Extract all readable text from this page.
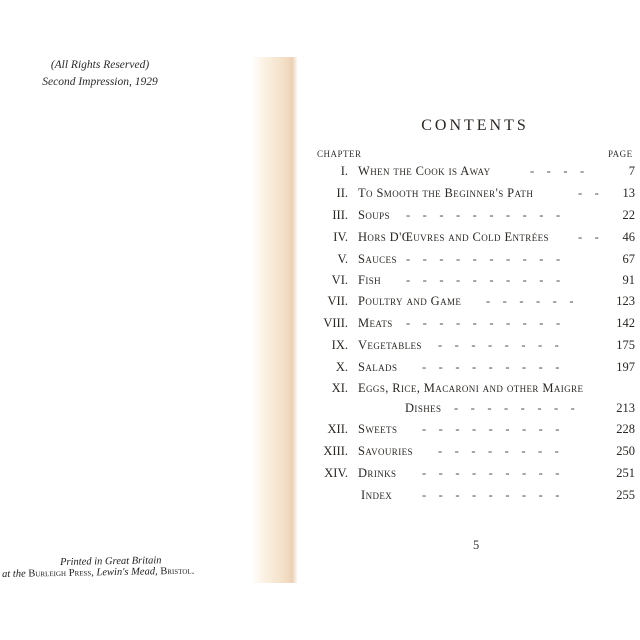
(All Rights Reserved)
Second Impression, 1929
Printed in Great Britain
at the Burleigh Press, Lewin's Mead, Bristol.
CONTENTS
CHAPTER	PAGE
I. When the Cook is Away	-    -    -    -	7
II. To Smooth the Beginner's Path	-    - 13
III. Soups -    -    -    -    -    -    -    -    -    -	22
IV. Hors D'Œuvres and Cold Entrées -    - 46
V. Sauces -    -    -    -    -    -    -    -    -    -	67
VI. Fish -    -    -    -    -    -    -    -    -    -	91
VII. Poultry and Game -    -    -    -    -    -	123
VIII. Meats -    -    -    -    -    -    -    -    -    -	142
IX. Vegetables -    -    -    -    -    -    -    -	175
X. Salads -    -    -    -    -    -    -    -    -	197
XI. Eggs, Rice, Macaroni and other Maigre
Dishes -    -    -    -    -    -    -    -	213
XII. Sweets -    -    -    -    -    -    -    -    -	228
XIII. Savouries -    -    -    -    -    -    -    -	250
XIV. Drinks -    -    -    -    -    -    -    -    -	251
Index -    -    -    -    -    -    -    -    -	255
5
